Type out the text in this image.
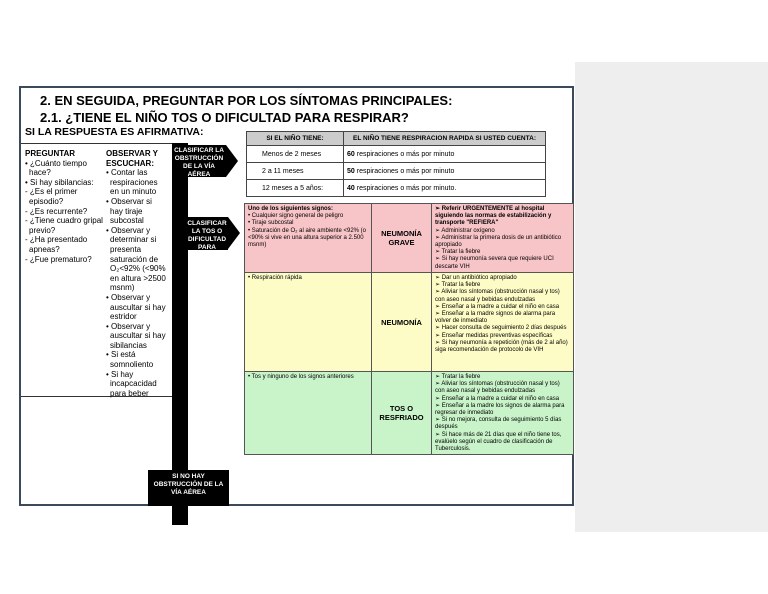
2. EN SEGUIDA, PREGUNTAR POR LOS SÍNTOMAS PRINCIPALES:
2.1. ¿TIENE EL NIÑO TOS O DIFICULTAD PARA RESPIRAR?
SI LA RESPUESTA ES AFIRMATIVA:
PREGUNTAR
• ¿Cuánto tiempo hace?
• Si hay sibilancias:
- ¿Es el primer episodio?
- ¿Es recurrente?
- ¿Tiene cuadro gripal previo?
- ¿Ha presentado apneas?
- ¿Fue prematuro?
OBSERVAR Y ESCUCHAR:
• Contar las respiraciones en un minuto
• Observar si hay tiraje subcostal
• Observar y determinar si presenta saturación de O₂<92% (<90% en altura >2500 msnm)
• Observar y auscultar si hay estridor
• Observar y auscultar si hay sibilancias
• Si está somnoliento
• Si hay incapcacidad para beber
CLASIFICAR LA OBSTRUCCIÓN DE LA VÍA AÉREA
CLASIFICAR LA TOS O DIFICULTAD PARA RESPIRAR
SI NO HAY OBSTRUCCIÓN DE LA VÍA AÉREA
SI EL NIÑO TIENE:	EL NIÑO TIENE RESPIRACION RAPIDA SI USTED CUENTA:
Menos de 2 meses	60 respiraciones o más por minuto
2 a 11 meses	50 respiraciones o más por minuto
12 meses a 5 años:	40 respiraciones o más por minuto.
Uno de los siguientes signos:
• Cualquier signo general de peligro
• Tiraje subcostal
• Saturación de O₂ al aire ambiente <92% (o <90% si vive en una altura superior a 2.500 msnm)
NEUMONÍA GRAVE
➢ Referir URGENTEMENTE al hospital siguiendo las normas de estabilización y transporte "REFIERA"
➢ Administrar oxígeno
➢ Administrar la primera dosis de un antibiótico apropiado
➢ Tratar la fiebre
➢ Si hay neumonía severa que requiere UCI descarte VIH
• Respiración rápida
NEUMONÍA
➢ Dar un antibiótico apropiado
➢ Tratar la fiebre
➢ Aliviar los síntomas (obstrucción nasal y tos) con aseo nasal y bebidas endulzadas
➢ Enseñar a la madre a cuidar el niño en casa
➢ Enseñar a la madre signos de alarma para volver de inmediato
➢ Hacer consulta de seguimiento 2 días después
➢ Enseñar medidas preventivas específicas
➢ Si hay neumonía a repetición (más de 2 al año) siga recomendación de protocolo de VIH
• Tos y ninguno de los signos anteriores
TOS O RESFRIADO
➢ Tratar la fiebre
➢ Aliviar los síntomas (obstrucción nasal y tos) con aseo nasal y bebidas endulzadas
➢ Enseñar a la madre a cuidar el niño en casa
➢ Enseñar a la madre los signos de alarma para regresar de inmediato
➢ Si no mejora, consulta de seguimiento 5 días después
➢ Si hace más de 21 días que el niño tiene tos, evalúelo según el cuadro de clasificación de Tuberculosis.
